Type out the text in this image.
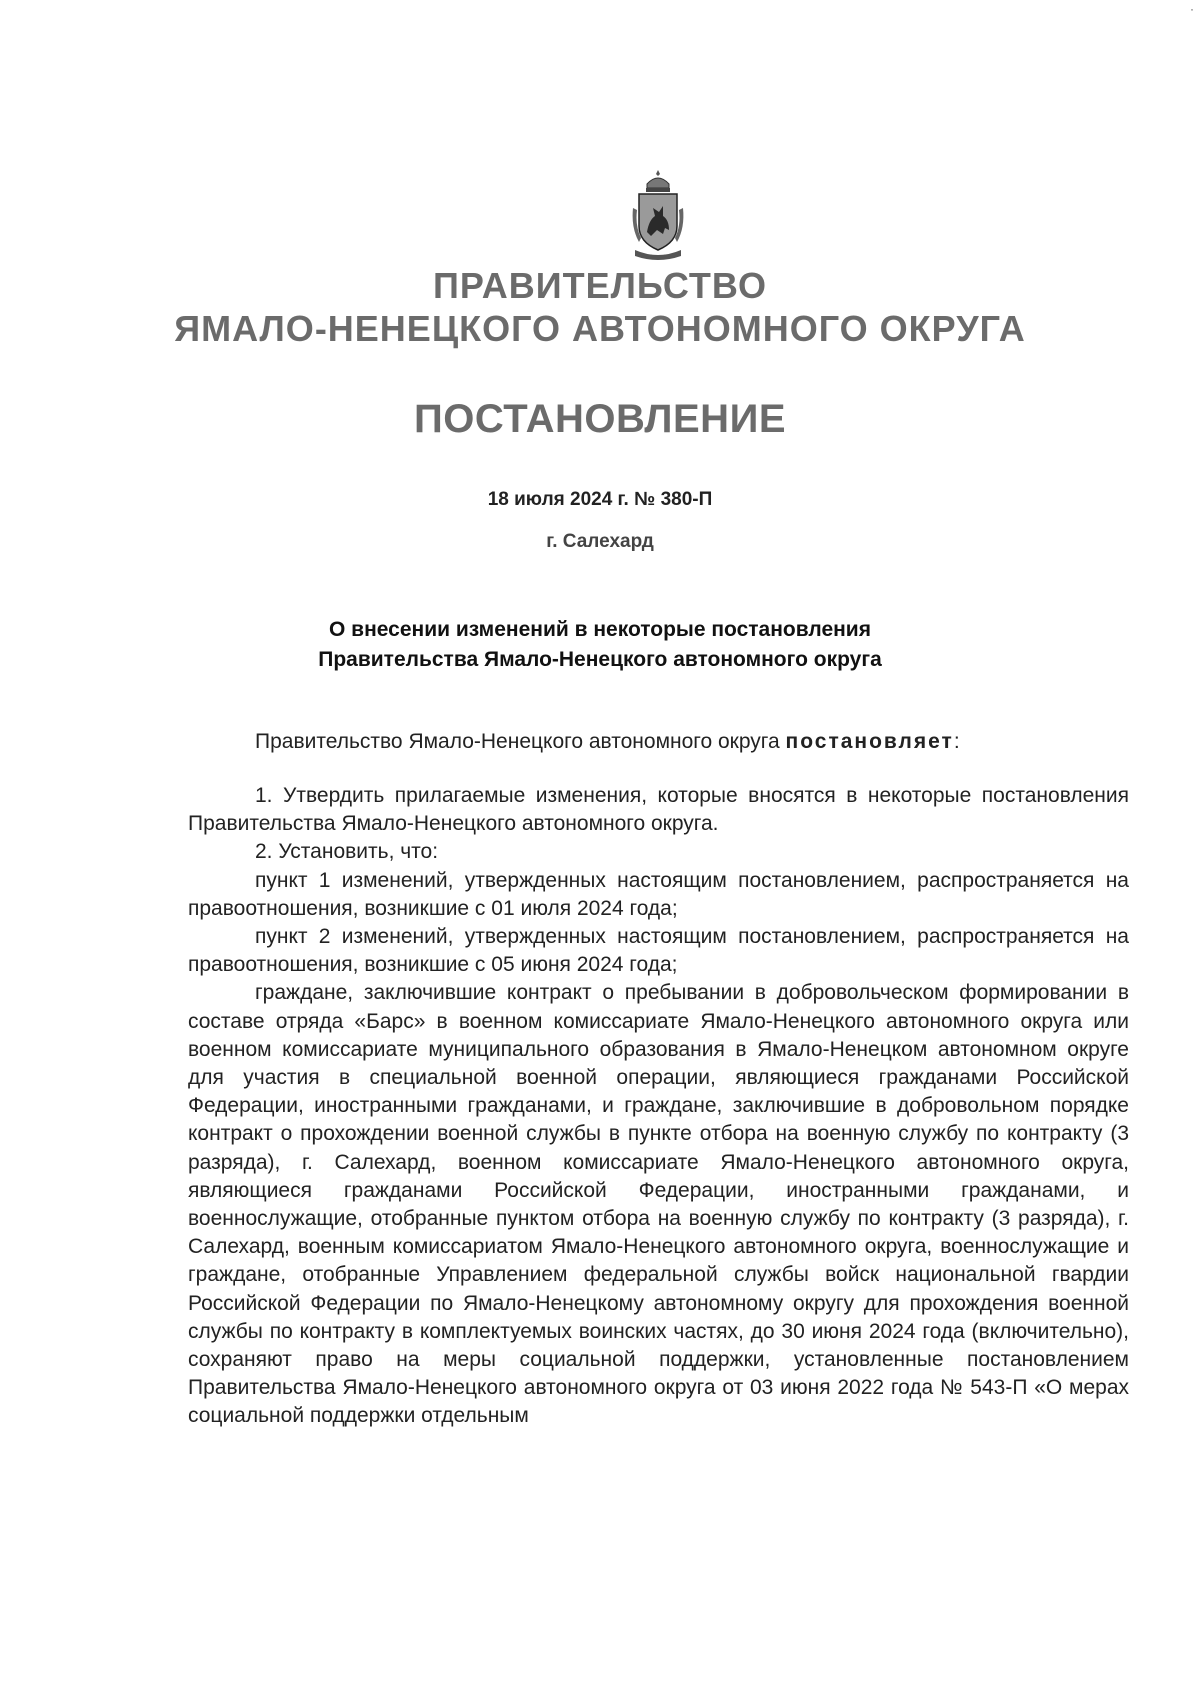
·
ПРАВИТЕЛЬСТВО
ЯМАЛО-НЕНЕЦКОГО АВТОНОМНОГО ОКРУГА
ПОСТАНОВЛЕНИЕ
18 июля 2024 г. № 380-П
г. Салехард
О внесении изменений в некоторые постановления
Правительства Ямало-Ненецкого автономного округа
Правительство Ямало-Ненецкого автономного округа постановляет:

1. Утвердить прилагаемые изменения, которые вносятся в некоторые постановления Правительства Ямало-Ненецкого автономного округа.

2. Установить, что:

пункт 1 изменений, утвержденных настоящим постановлением, распространяется на правоотношения, возникшие с 01 июля 2024 года;

пункт 2 изменений, утвержденных настоящим постановлением, распространяется на правоотношения, возникшие с 05 июня 2024 года;

граждане, заключившие контракт о пребывании в добровольческом формировании в составе отряда «Барс» в военном комиссариате Ямало-Ненецкого автономного округа или военном комиссариате муниципального образования в Ямало-Ненецком автономном округе для участия в специальной военной операции, являющиеся гражданами Российской Федерации, иностранными гражданами, и граждане, заключившие в добровольном порядке контракт о прохождении военной службы в пункте отбора на военную службу по контракту (3 разряда), г. Салехард, военном комиссариате Ямало-Ненецкого автономного округа, являющиеся гражданами Российской Федерации, иностранными гражданами, и военнослужащие, отобранные пунктом отбора на военную службу по контракту (3 разряда), г. Салехард, военным комиссариатом Ямало-Ненецкого автономного округа, военнослужащие и граждане, отобранные Управлением федеральной службы войск национальной гвардии Российской Федерации по Ямало-Ненецкому автономному округу для прохождения военной службы по контракту в комплектуемых воинских частях, до 30 июня 2024 года (включительно), сохраняют право на меры социальной поддержки, установленные постановлением Правительства Ямало-Ненецкого автономного округа от 03 июня 2022 года № 543-П «О мерах социальной поддержки отдельным
